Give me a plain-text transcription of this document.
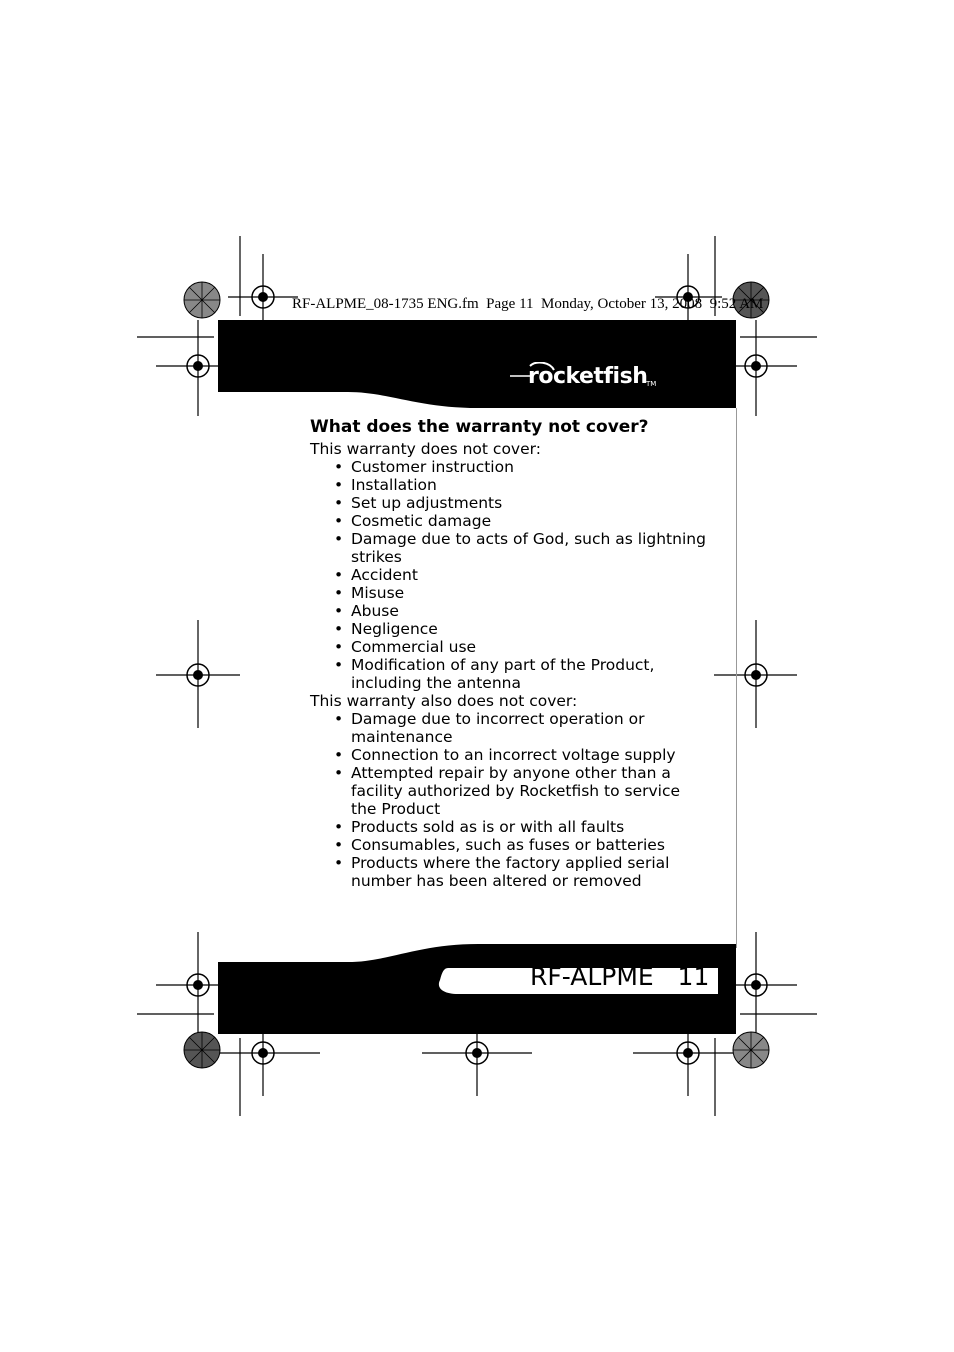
RF-ALPME_08-1735 ENG.fm  Page 11  Monday, October 13, 2008  9:52 AM
rocketfish
TM
What does the warranty not cover?

This warranty does not cover:

• Customer instruction
• Installation
• Set up adjustments
• Cosmetic damage
• Damage due to acts of God, such as lightning
strikes
• Accident
• Misuse
• Abuse
• Negligence
• Commercial use
• Modification of any part of the Product,
including the antenna

This warranty also does not cover:

• Damage due to incorrect operation or
maintenance
• Connection to an incorrect voltage supply
• Attempted repair by anyone other than a
facility authorized by Rocketfish to service
the Product
• Products sold as is or with all faults
• Consumables, such as fuses or batteries
• Products where the factory applied serial
number has been altered or removed
RF-ALPME 11
